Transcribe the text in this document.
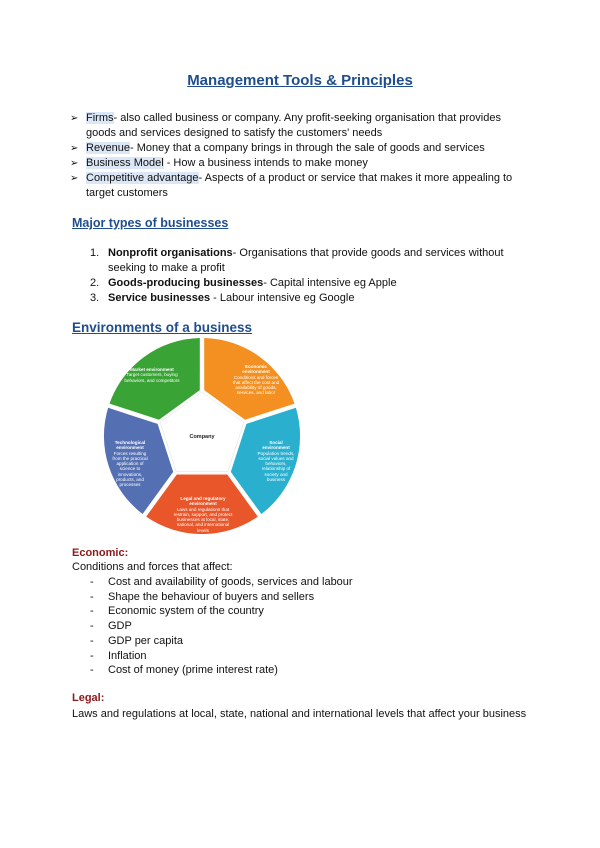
Management Tools & Principles
➢ Firms- also called business or company. Any profit-seeking organisation that provides goods and services designed to satisfy the customers' needs
➢ Revenue- Money that a company brings in through the sale of goods and services
➢ Business Model - How a business intends to make money
➢ Competitive advantage- Aspects of a product or service that makes it more appealing to target customers
Major types of businesses
1. Nonprofit organisations- Organisations that provide goods and services without seeking to make a profit
2. Goods-producing businesses- Capital intensive eg Apple
3. Service businesses - Labour intensive eg Google
Environments of a business
Company
Market environment
Target customers, buying behaviors, and competitors
Economic environment
Conditions and forces that affect the cost and availability of goods, services, and labor
Social environment
Population trends, social values and behaviors, relationship of society and business
Legal and regulatory environment
Laws and regulations that restrain, support, and protect businesses at local, state, national, and international levels
Technological environment
Forces resulting from the practical application of science to innovations, products, and processes
Economic:
Conditions and forces that affect:
- Cost and availability of goods, services and labour
- Shape the behaviour of buyers and sellers
- Economic system of the country
- GDP
- GDP per capita
- Inflation
- Cost of money (prime interest rate)
Legal:
Laws and regulations at local, state, national and international levels that affect your business
